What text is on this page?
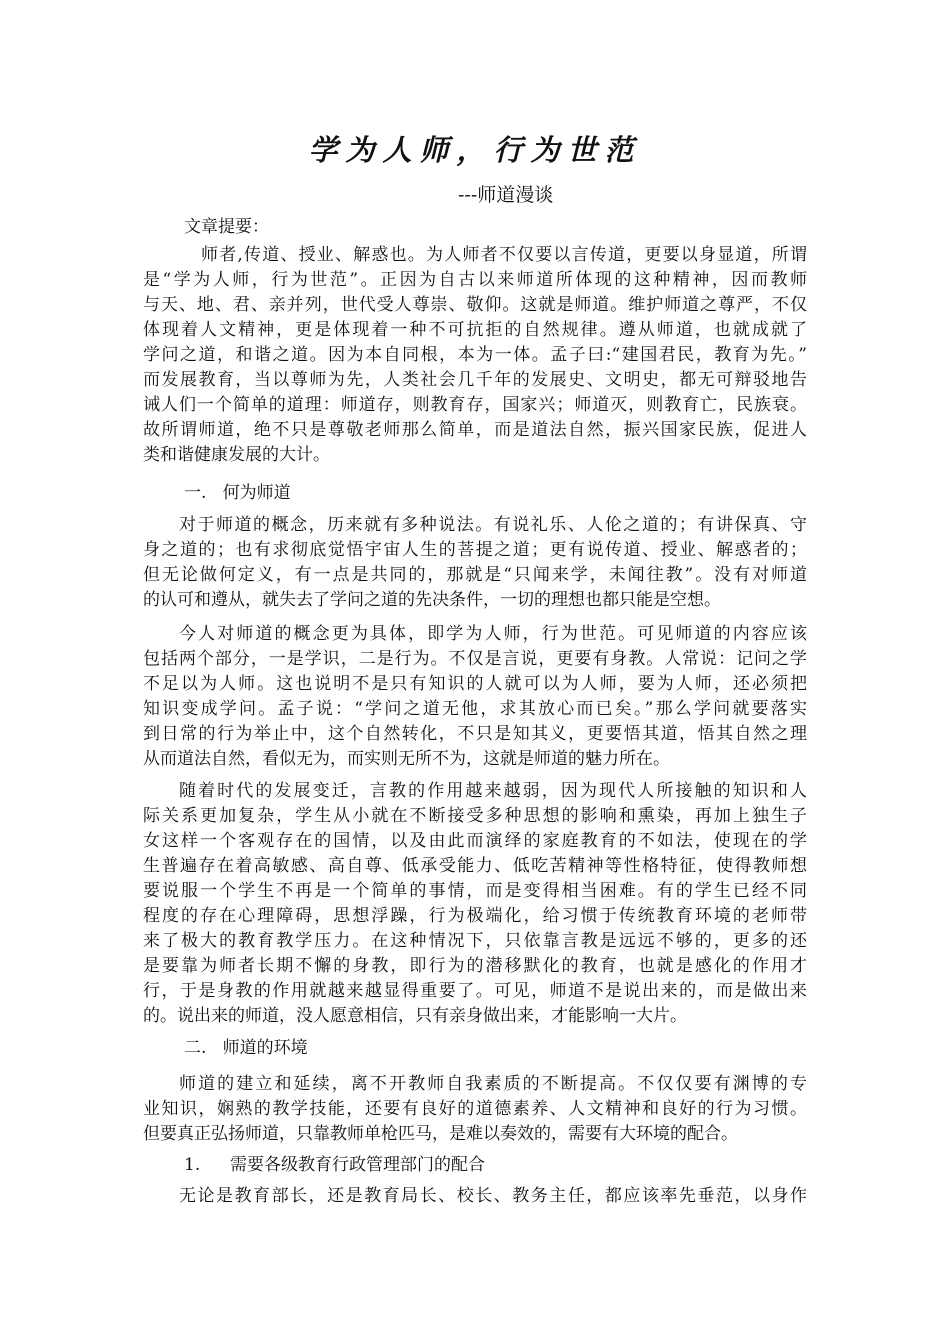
学为人师，行为世范
---师道漫谈
文章提要：
师者,传道、授业、解惑也。为人师者不仅要以言传道，更要以身显道，所谓
是“学为人师，行为世范”。正因为自古以来师道所体现的这种精神，因而教师
与天、地、君、亲并列，世代受人尊崇、敬仰。这就是师道。维护师道之尊严，不仅
体现着人文精神，更是体现着一种不可抗拒的自然规律。遵从师道，也就成就了
学问之道，和谐之道。因为本自同根，本为一体。孟子曰:“建国君民，教育为先。”
而发展教育，当以尊师为先，人类社会几千年的发展史、文明史，都无可辩驳地告
诫人们一个简单的道理：师道存，则教育存，国家兴；师道灭，则教育亡，民族衰。
故所谓师道，绝不只是尊敬老师那么简单，而是道法自然，振兴国家民族，促进人
类和谐健康发展的大计。
一.   何为师道
对于师道的概念，历来就有多种说法。有说礼乐、人伦之道的；有讲保真、守
身之道的；也有求彻底觉悟宇宙人生的菩提之道；更有说传道、授业、解惑者的；
但无论做何定义，有一点是共同的，那就是“只闻来学，未闻往教”。没有对师道
的认可和遵从，就失去了学问之道的先决条件，一切的理想也都只能是空想。
今人对师道的概念更为具体，即学为人师，行为世范。可见师道的内容应该
包括两个部分，一是学识，二是行为。不仅是言说，更要有身教。人常说：记问之学
不足以为人师。这也说明不是只有知识的人就可以为人师，要为人师，还必须把
知识变成学问。孟子说：“学问之道无他，求其放心而已矣。”那么学问就要落实
到日常的行为举止中，这个自然转化，不只是知其义，更要悟其道，悟其自然之理
从而道法自然，看似无为，而实则无所不为，这就是师道的魅力所在。
随着时代的发展变迁，言教的作用越来越弱，因为现代人所接触的知识和人
际关系更加复杂，学生从小就在不断接受多种思想的影响和熏染，再加上独生子
女这样一个客观存在的国情，以及由此而演绎的家庭教育的不如法，使现在的学
生普遍存在着高敏感、高自尊、低承受能力、低吃苦精神等性格特征，使得教师想
要说服一个学生不再是一个简单的事情，而是变得相当困难。有的学生已经不同
程度的存在心理障碍，思想浮躁，行为极端化，给习惯于传统教育环境的老师带
来了极大的教育教学压力。在这种情况下，只依靠言教是远远不够的，更多的还
是要靠为师者长期不懈的身教，即行为的潜移默化的教育，也就是感化的作用才
行，于是身教的作用就越来越显得重要了。可见，师道不是说出来的，而是做出来
的。说出来的师道，没人愿意相信，只有亲身做出来，才能影响一大片。
二.   师道的环境
师道的建立和延续，离不开教师自我素质的不断提高。不仅仅要有渊博的专
业知识，娴熟的教学技能，还要有良好的道德素养、人文精神和良好的行为习惯。
但要真正弘扬师道，只靠教师单枪匹马，是难以奏效的，需要有大环境的配合。
1. 需要各级教育行政管理部门的配合
无论是教育部长，还是教育局长、校长、教务主任，都应该率先垂范，以身作
